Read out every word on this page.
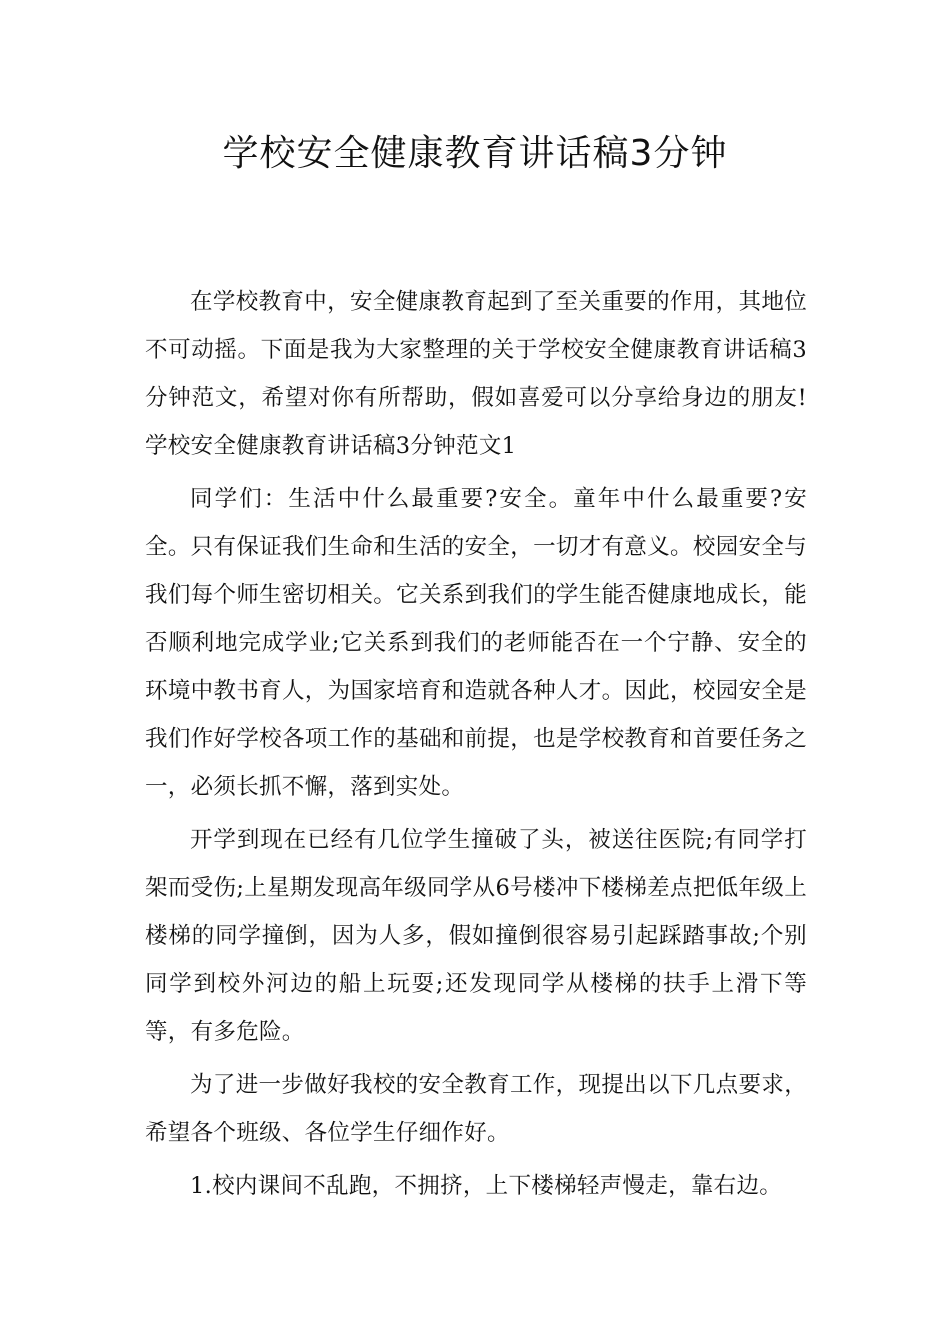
学校安全健康教育讲话稿3分钟

在学校教育中，安全健康教育起到了至关重要的作用，其地位不可动摇。下面是我为大家整理的关于学校安全健康教育讲话稿3分钟范文，希望对你有所帮助，假如喜爱可以分享给身边的朋友!学校安全健康教育讲话稿3分钟范文1

同学们：生活中什么最重要?安全。童年中什么最重要?安全。只有保证我们生命和生活的安全，一切才有意义。校园安全与我们每个师生密切相关。它关系到我们的学生能否健康地成长，能否顺利地完成学业;它关系到我们的老师能否在一个宁静、安全的环境中教书育人，为国家培育和造就各种人才。因此，校园安全是我们作好学校各项工作的基础和前提，也是学校教育和首要任务之一，必须长抓不懈，落到实处。

开学到现在已经有几位学生撞破了头，被送往医院;有同学打架而受伤;上星期发现高年级同学从6号楼冲下楼梯差点把低年级上楼梯的同学撞倒，因为人多，假如撞倒很容易引起踩踏事故;个别同学到校外河边的船上玩耍;还发现同学从楼梯的扶手上滑下等等，有多危险。

为了进一步做好我校的安全教育工作，现提出以下几点要求，希望各个班级、各位学生仔细作好。

1.校内课间不乱跑，不拥挤，上下楼梯轻声慢走，靠右边。
